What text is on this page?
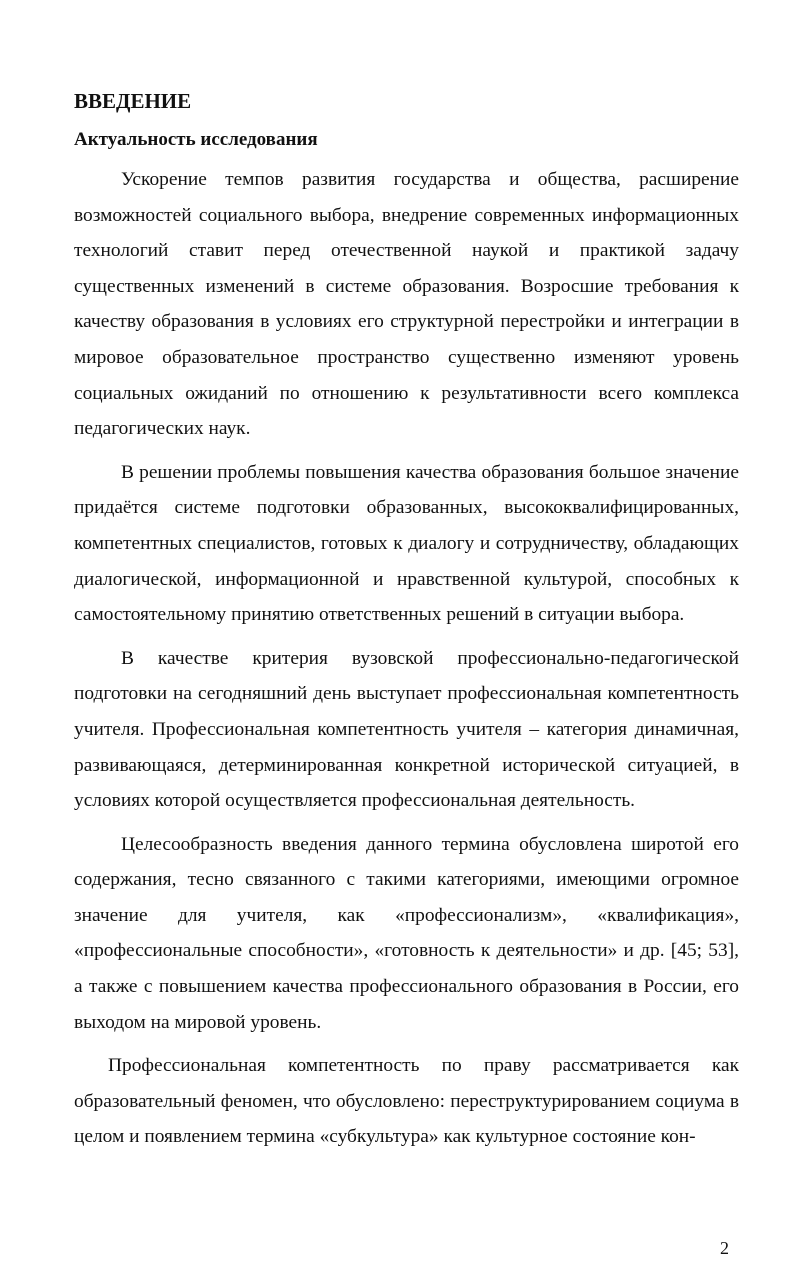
ВВЕДЕНИЕ
Актуальность исследования

Ускорение темпов развития государства и общества, расширение возможностей социального выбора, внедрение современных информационных технологий ставит перед отечественной наукой и практикой задачу существенных изменений в системе образования. Возросшие требования к качеству образования в условиях его структурной перестройки и интеграции в мировое образовательное пространство существенно изменяют уровень социальных ожиданий по отношению к результативности всего комплекса педагогических наук.

В решении проблемы повышения качества образования большое значение придаётся системе подготовки образованных, высококвалифицированных, компетентных специалистов, готовых к диалогу и сотрудничеству, обладающих диалогической, информационной и нравственной культурой, способных к самостоятельному принятию ответственных решений в ситуации выбора.

В качестве критерия вузовской профессионально-педагогической подготовки на сегодняшний день выступает профессиональная компетентность учителя. Профессиональная компетентность учителя – категория динамичная, развивающаяся, детерминированная конкретной исторической ситуацией, в условиях которой осуществляется профессиональная деятельность.

Целесообразность введения данного термина обусловлена широтой его содержания, тесно связанного с такими категориями, имеющими огромное значение для учителя, как «профессионализм», «квалификация», «профессиональные способности», «готовность к деятельности» и др. [45; 53], а также с повышением качества профессионального образования в России, его выходом на мировой уровень.

Профессиональная компетентность по праву рассматривается как образовательный феномен, что обусловлено: переструктурированием социума в целом и появлением термина «субкультура» как культурное состояние кон-

2
